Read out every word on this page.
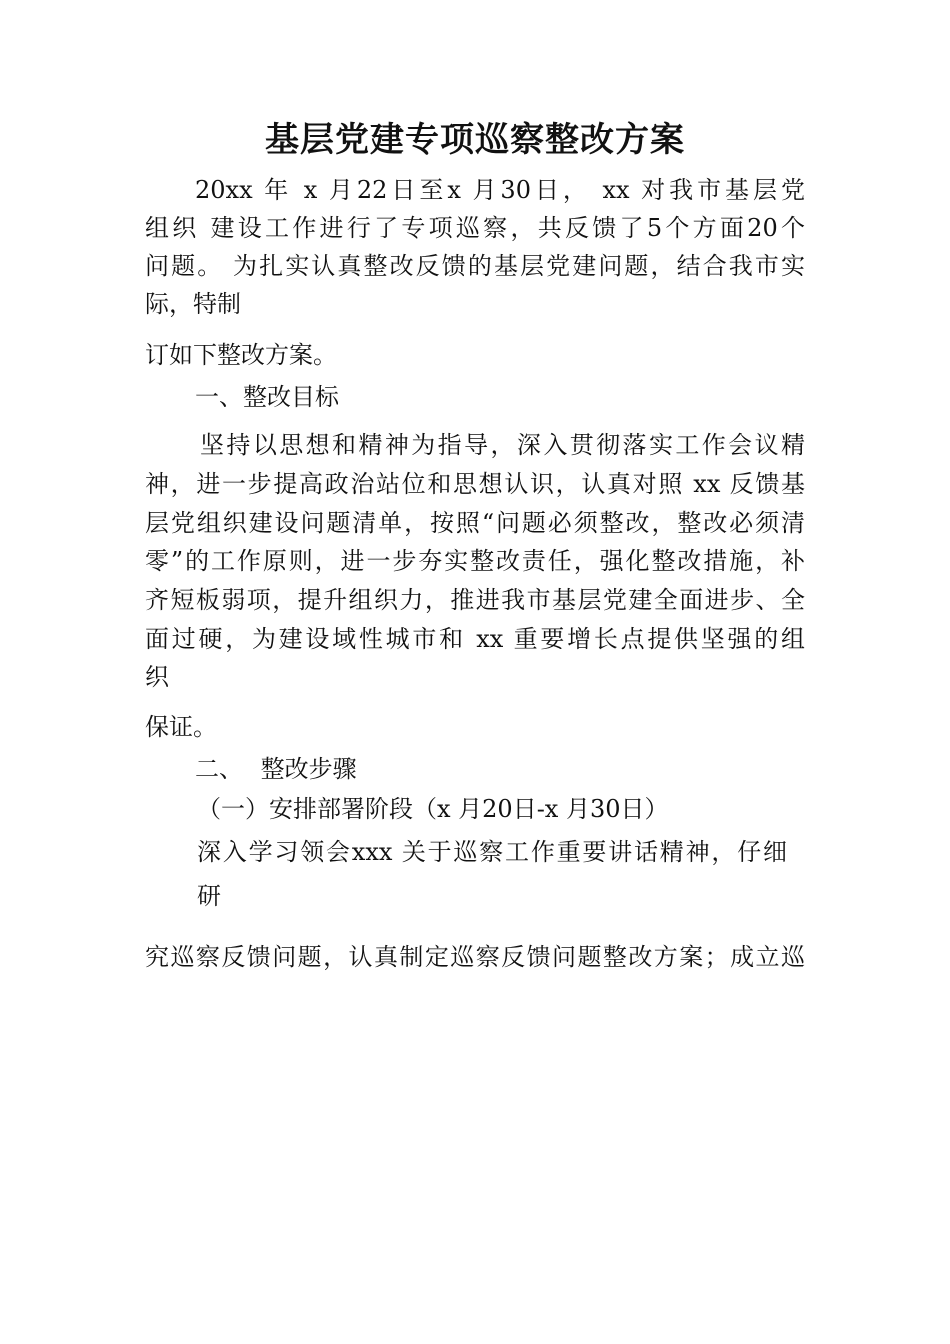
基层党建专项巡察整改方案
20xx 年 x 月22日至x 月30日， xx 对我市基层党
组织 建设工作进行了专项巡察，共反馈了5个方面20个
问题。 为扎实认真整改反馈的基层党建问题，结合我市实
际，特制
订如下整改方案。
一、整改目标
坚持以思想和精神为指导，深入贯彻落实工作会议精
神，进一步提高政治站位和思想认识，认真对照 xx 反馈基
层党组织建设问题清单，按照“问题必须整改，整改必须清
零”的工作原则，进一步夯实整改责任，强化整改措施，补
齐短板弱项，提升组织力，推进我市基层党建全面进步、全
面过硬，为建设域性城市和 xx 重要增长点提供坚强的组
织
保证。
二、 整改步骤
（一）安排部署阶段（x 月20日-x 月30日）
深入学习领会xxx 关于巡察工作重要讲话精神，仔细
研
究巡察反馈问题，认真制定巡察反馈问题整改方案；成立巡
